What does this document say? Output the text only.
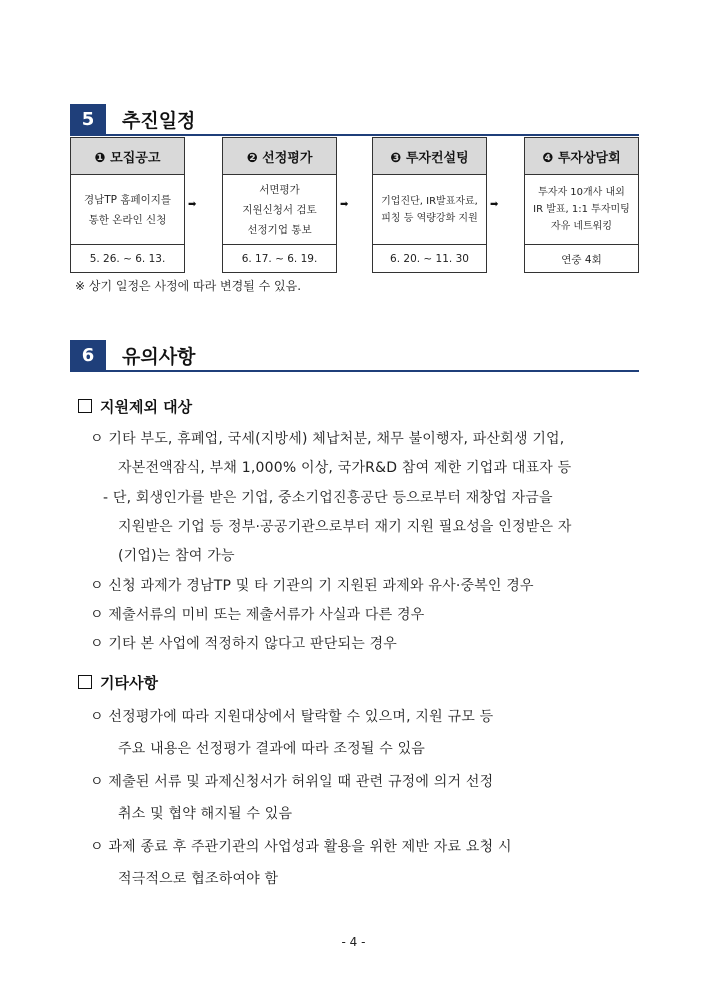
5	추진일정
❶ 모집공고
경남TP 홈페이지를
통한 온라인 신청
5. 26. ~ 6. 13.
➡
❷ 선정평가
서면평가
지원신청서 검토
선정기업 통보
6. 17. ~ 6. 19.
➡
❸ 투자컨설팅
기업진단, IR발표자료,
피칭 등 역량강화 지원
6. 20. ~ 11. 30
➡
❹ 투자상담회
투자자 10개사 내외
IR 발표, 1:1 투자미팅
자유 네트워킹
연중 4회
※ 상기 일정은 사정에 따라 변경될 수 있음.
6	유의사항
지원제외 대상
ㅇ 기타 부도, 휴폐업, 국세(지방세) 체납처분, 채무 불이행자, 파산회생 기업,
자본전액잠식, 부채 1,000% 이상, 국가R&D 참여 제한 기업과 대표자 등
- 단, 회생인가를 받은 기업, 중소기업진흥공단 등으로부터 재창업 자금을
지원받은 기업 등 정부·공공기관으로부터 재기 지원 필요성을 인정받은 자
(기업)는 참여 가능
ㅇ 신청 과제가 경남TP 및 타 기관의 기 지원된 과제와 유사·중복인 경우
ㅇ 제출서류의 미비 또는 제출서류가 사실과 다른 경우
ㅇ 기타 본 사업에 적정하지 않다고 판단되는 경우
기타사항
ㅇ 선정평가에 따라 지원대상에서 탈락할 수 있으며, 지원 규모 등
주요 내용은 선정평가 결과에 따라 조정될 수 있음
ㅇ 제출된 서류 및 과제신청서가 허위일 때 관련 규정에 의거 선정
취소 및 협약 해지될 수 있음
ㅇ 과제 종료 후 주관기관의 사업성과 활용을 위한 제반 자료 요청 시
적극적으로 협조하여야 함
- 4 -
